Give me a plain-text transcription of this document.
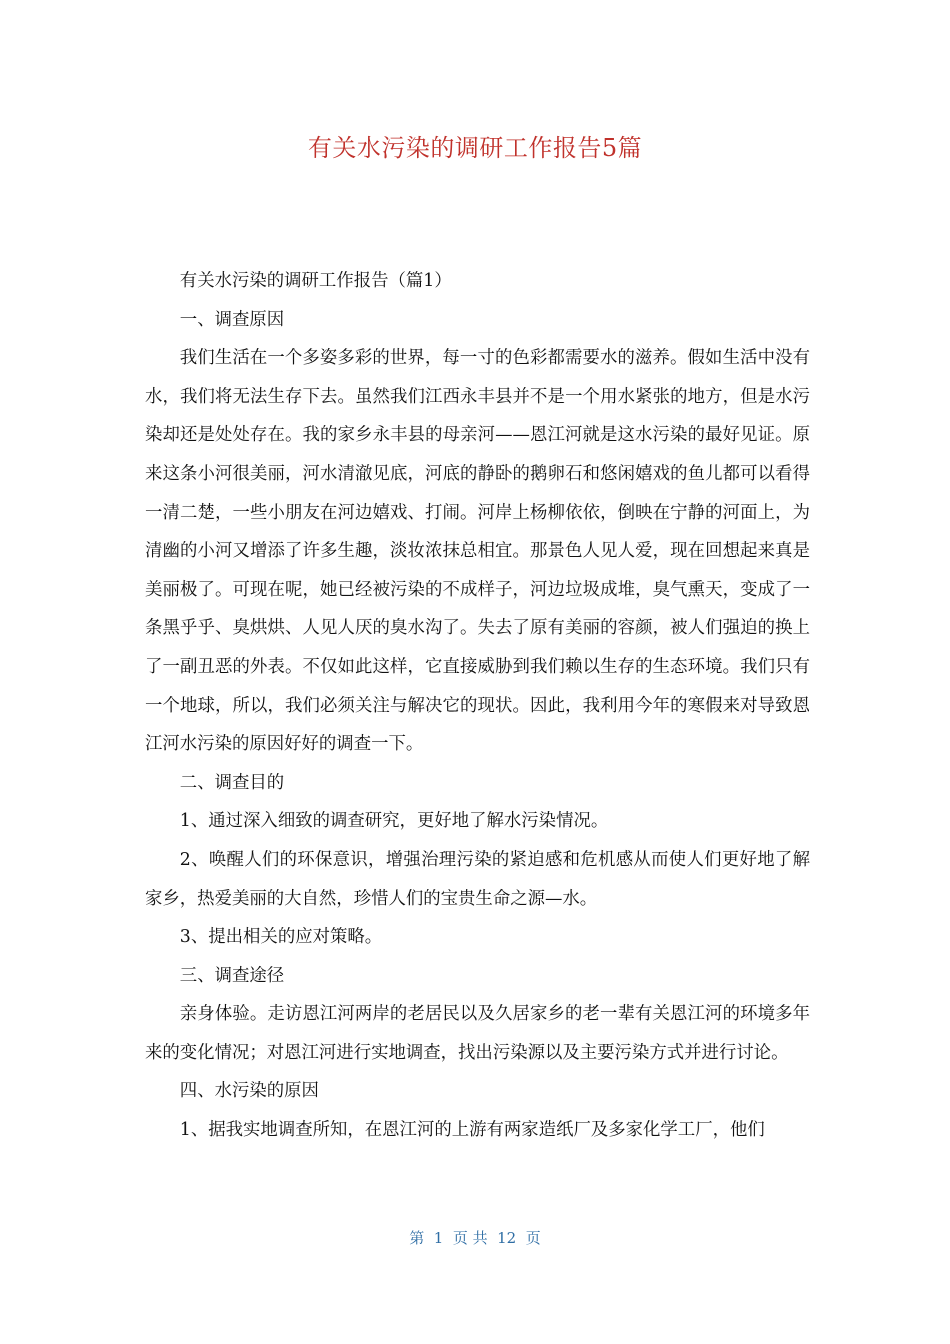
有关水污染的调研工作报告5篇

有关水污染的调研工作报告（篇1）

一、调查原因

我们生活在一个多姿多彩的世界，每一寸的色彩都需要水的滋养。假如生活中没有水，我们将无法生存下去。虽然我们江西永丰县并不是一个用水紧张的地方，但是水污染却还是处处存在。我的家乡永丰县的母亲河——恩江河就是这水污染的最好见证。原来这条小河很美丽，河水清澈见底，河底的静卧的鹅卵石和悠闲嬉戏的鱼儿都可以看得一清二楚，一些小朋友在河边嬉戏、打闹。河岸上杨柳依依，倒映在宁静的河面上，为清幽的小河又增添了许多生趣，淡妆浓抹总相宜。那景色人见人爱，现在回想起来真是美丽极了。可现在呢，她已经被污染的不成样子，河边垃圾成堆，臭气熏天，变成了一条黑乎乎、臭烘烘、人见人厌的臭水沟了。失去了原有美丽的容颜，被人们强迫的换上了一副丑恶的外表。不仅如此这样，它直接威胁到我们赖以生存的生态环境。我们只有一个地球，所以，我们必须关注与解决它的现状。因此，我利用今年的寒假来对导致恩江河水污染的原因好好的调查一下。

二、调查目的

1、通过深入细致的调查研究，更好地了解水污染情况。

2、唤醒人们的环保意识，增强治理污染的紧迫感和危机感从而使人们更好地了解家乡，热爱美丽的大自然，珍惜人们的宝贵生命之源—水。

3、提出相关的应对策略。

三、调查途径

亲身体验。走访恩江河两岸的老居民以及久居家乡的老一辈有关恩江河的环境多年来的变化情况；对恩江河进行实地调查，找出污染源以及主要污染方式并进行讨论。

四、水污染的原因

1、据我实地调查所知，在恩江河的上游有两家造纸厂及多家化学工厂，他们

第  1  页 共  12  页
